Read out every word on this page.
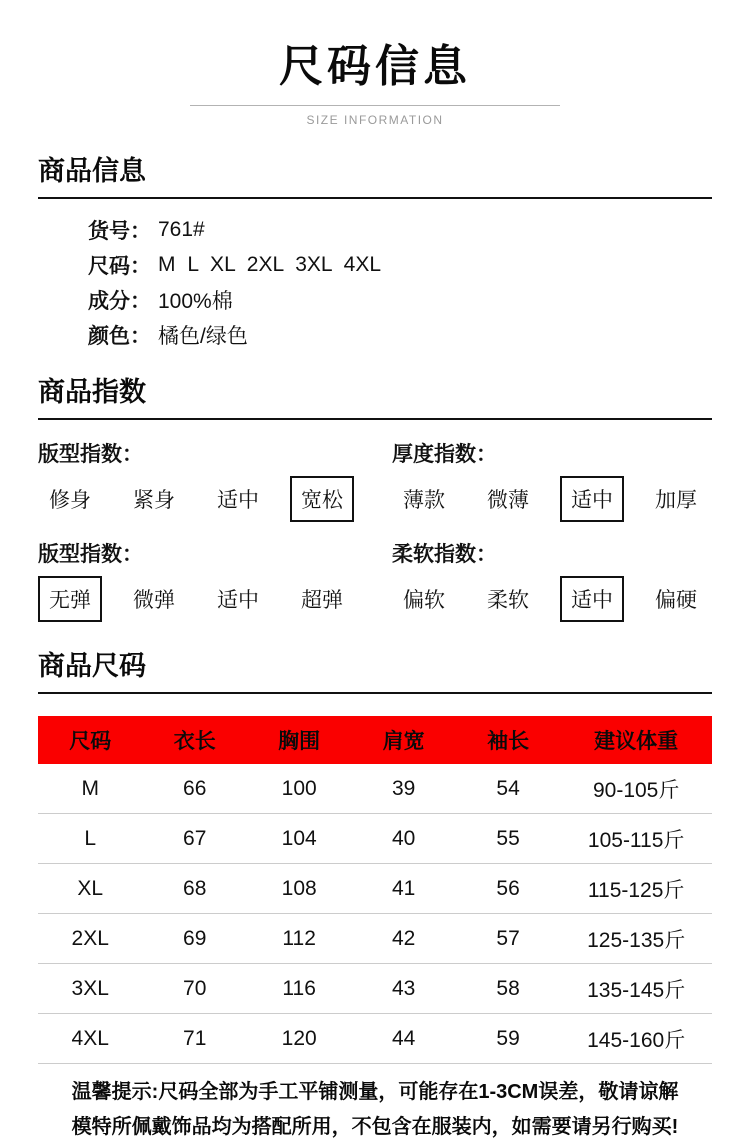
尺码信息
SIZE INFORMATION
商品信息
货号： 761#
尺码： M L XL 2XL 3XL 4XL
成分： 100%棉
颜色： 橘色/绿色
商品指数
版型指数：
修身	紧身	适中	宽松
厚度指数：
薄款	微薄	适中	加厚
版型指数：
无弹	微弹	适中	超弹
柔软指数：
偏软	柔软	适中	偏硬
商品尺码
尺码	衣长	胸围	肩宽	袖长	建议体重
M	66	100	39	54	90-105斤
L	67	104	40	55	105-115斤
XL	68	108	41	56	115-125斤
2XL	69	112	42	57	125-135斤
3XL	70	116	43	58	135-145斤
4XL	71	120	44	59	145-160斤
温馨提示:尺码全部为手工平铺测量，可能存在1-3CM误差，敬请谅解
模特所佩戴饰品均为搭配所用，不包含在服装内，如需要请另行购买!
